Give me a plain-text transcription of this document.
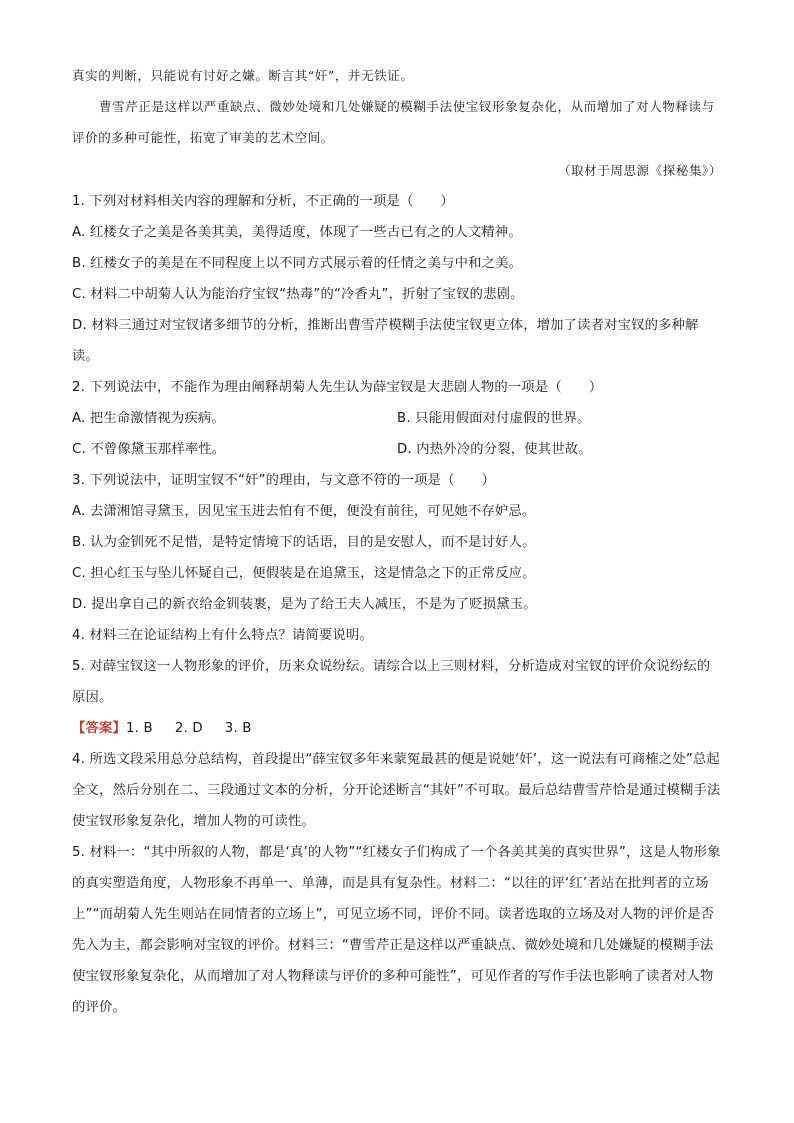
真实的判断，只能说有讨好之嫌。断言其“奸”，并无铁证。

曹雪芹正是这样以严重缺点、微妙处境和几处嫌疑的模糊手法使宝钗形象复杂化，从而增加了对人物释读与评价的多种可能性，拓宽了审美的艺术空间。

（取材于周思源《探秘集》）

1. 下列对材料相关内容的理解和分析，不正确的一项是（　　）

A. 红楼女子之美是各美其美，美得适度，体现了一些古已有之的人文精神。

B. 红楼女子的美是在不同程度上以不同方式展示着的任情之美与中和之美。

C. 材料二中胡菊人认为能治疗宝钗“热毒”的“冷香丸”，折射了宝钗的悲剧。

D. 材料三通过对宝钗诸多细节的分析，推断出曹雪芹模糊手法使宝钗更立体，增加了读者对宝钗的多种解读。

2. 下列说法中，不能作为理由阐释胡菊人先生认为薛宝钗是大悲剧人物的一项是（　　）

A. 把生命激情视为疾病。	B. 只能用假面对付虚假的世界。
C. 不曾像黛玉那样率性。	D. 内热外冷的分裂，使其世故。

3. 下列说法中，证明宝钗不“奸”的理由，与文意不符的一项是（　　）

A. 去潇湘馆寻黛玉，因见宝玉进去怕有不便，便没有前往，可见她不存妒忌。

B. 认为金钏死不足惜，是特定情境下的话语，目的是安慰人，而不是讨好人。

C. 担心红玉与坠儿怀疑自己，便假装是在追黛玉，这是情急之下的正常反应。

D. 提出拿自己的新衣给金钏装裹，是为了给王夫人减压，不是为了贬损黛玉。

4. 材料三在论证结构上有什么特点？请简要说明。

5. 对薛宝钗这一人物形象的评价，历来众说纷纭。请综合以上三则材料，分析造成对宝钗的评价众说纷纭的原因。

【答案】1. B 2. D 3. B

4. 所选文段采用总分总结构，首段提出“薛宝钗多年来蒙冤最甚的便是说她‘奸’，这一说法有可商榷之处”总起全文，然后分别在二、三段通过文本的分析，分开论述断言“其奸”不可取。最后总结曹雪芹恰是通过模糊手法使宝钗形象复杂化，增加人物的可读性。

5. 材料一：“其中所叙的人物，都是‘真’的人物”“红楼女子们构成了一个各美其美的真实世界”，这是人物形象的真实塑造角度，人物形象不再单一、单薄，而是具有复杂性。材料二：“以往的评‘红’者站在批判者的立场上”“而胡菊人先生则站在同情者的立场上”，可见立场不同，评价不同。读者选取的立场及对人物的评价是否先入为主，都会影响对宝钗的评价。材料三：“曹雪芹正是这样以严重缺点、微妙处境和几处嫌疑的模糊手法使宝钗形象复杂化，从而增加了对人物释读与评价的多种可能性”，可见作者的写作手法也影响了读者对人物的评价。
